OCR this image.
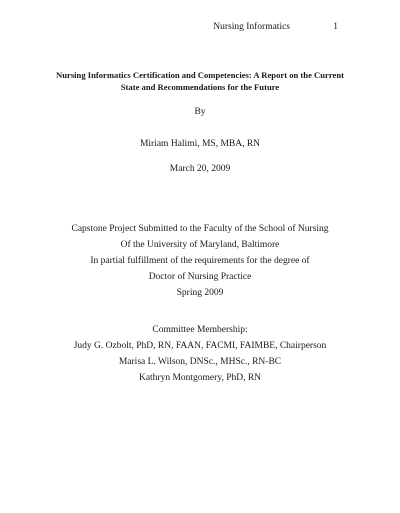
Nursing Informatics	1
Nursing Informatics Certification and Competencies: A Report on the Current
State and Recommendations for the Future
By
Miriam Halimi, MS, MBA, RN
March 20, 2009
Capstone Project Submitted to the Faculty of the School of Nursing
Of the University of Maryland, Baltimore
In partial fulfillment of the requirements for the degree of
Doctor of Nursing Practice
Spring 2009
Committee Membership:
Judy G. Ozbolt, PhD, RN, FAAN, FACMI, FAIMBE, Chairperson
Marisa L. Wilson, DNSc., MHSc., RN-BC
Kathryn Montgomery, PhD, RN
